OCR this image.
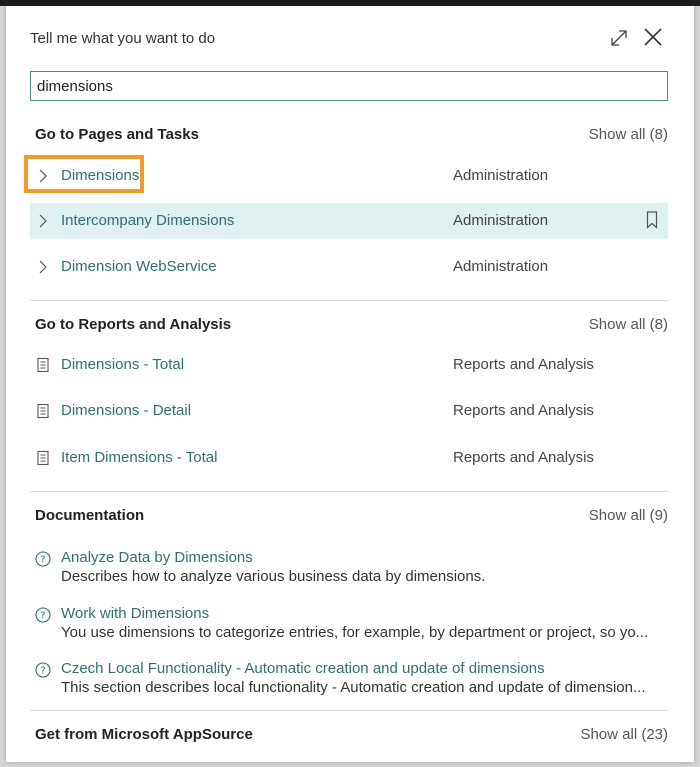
Tell me what you want to do
dimensions
Go to Pages and Tasks	Show all (8)
Dimensions	Administration
Intercompany Dimensions	Administration
Dimension WebService	Administration
Go to Reports and Analysis	Show all (8)
Dimensions - Total	Reports and Analysis
Dimensions - Detail	Reports and Analysis
Item Dimensions - Total	Reports and Analysis
Documentation	Show all (9)
? Analyze Data by Dimensions
Describes how to analyze various business data by dimensions.
? Work with Dimensions
You use dimensions to categorize entries, for example, by department or project, so yo...
? Czech Local Functionality - Automatic creation and update of dimensions
This section describes local functionality - Automatic creation and update of dimension...
Get from Microsoft AppSource	Show all (23)
